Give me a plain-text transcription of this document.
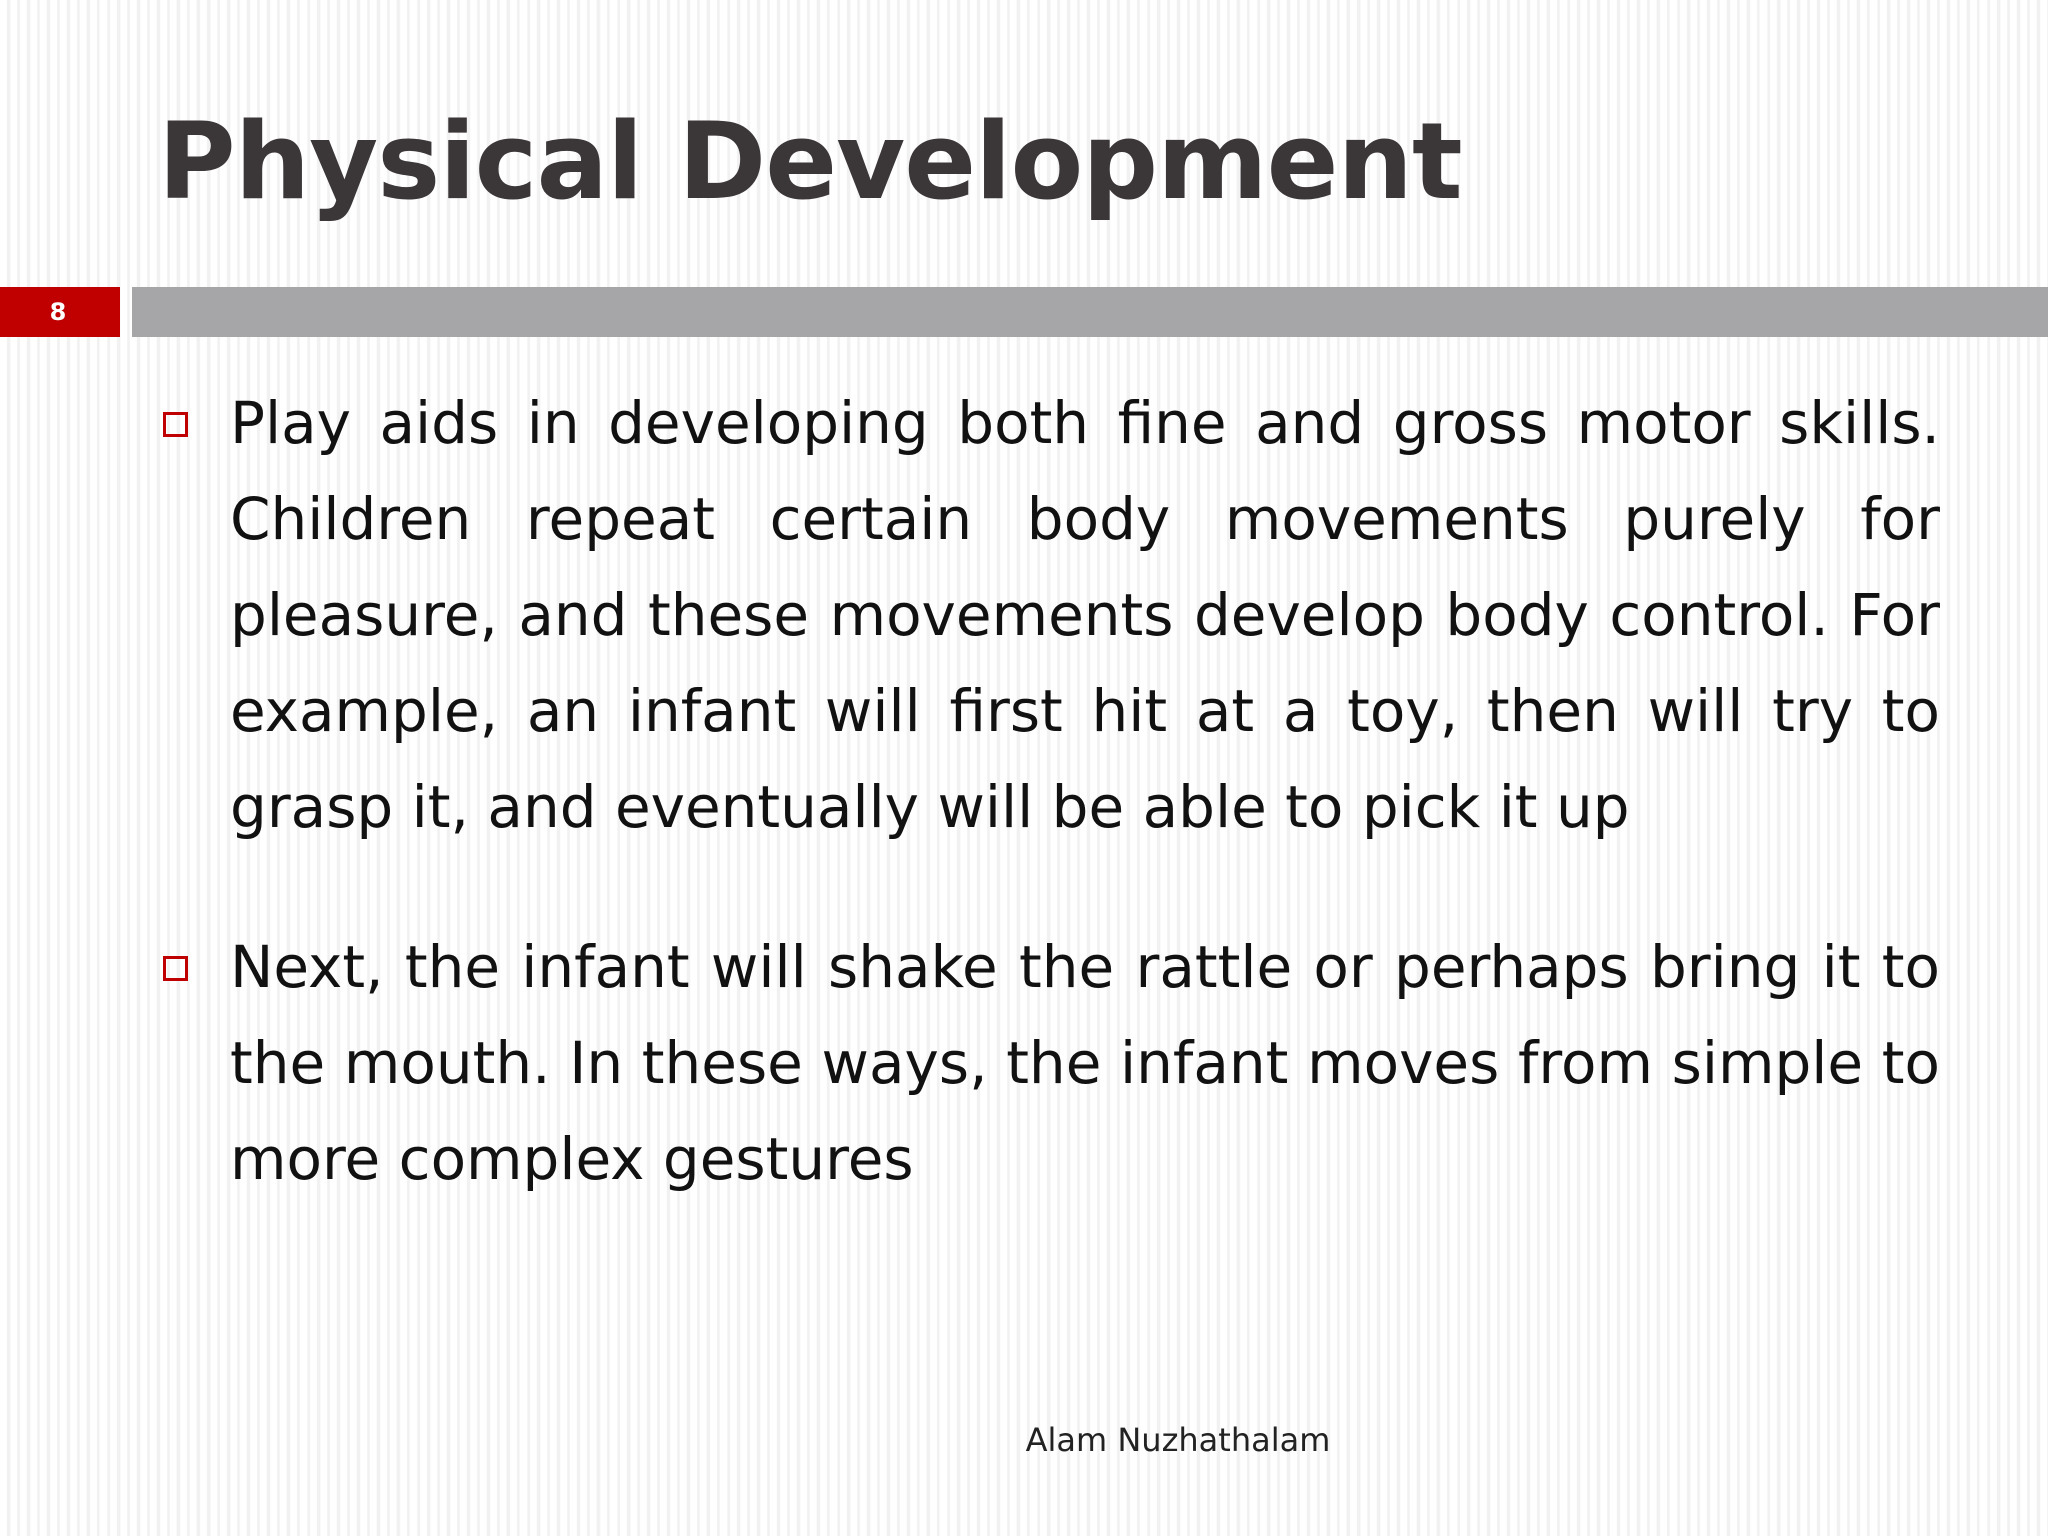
Physical Development
8
Play aids in developing both fine and gross motor skills. Children repeat certain body movements purely for pleasure, and these movements develop body control. For example, an infant will first hit at a toy, then will try to grasp it, and eventually will be able to pick it up
Next, the infant will shake the rattle or perhaps bring it to the mouth. In these ways, the infant moves from simple to more complex gestures
Alam Nuzhathalam
